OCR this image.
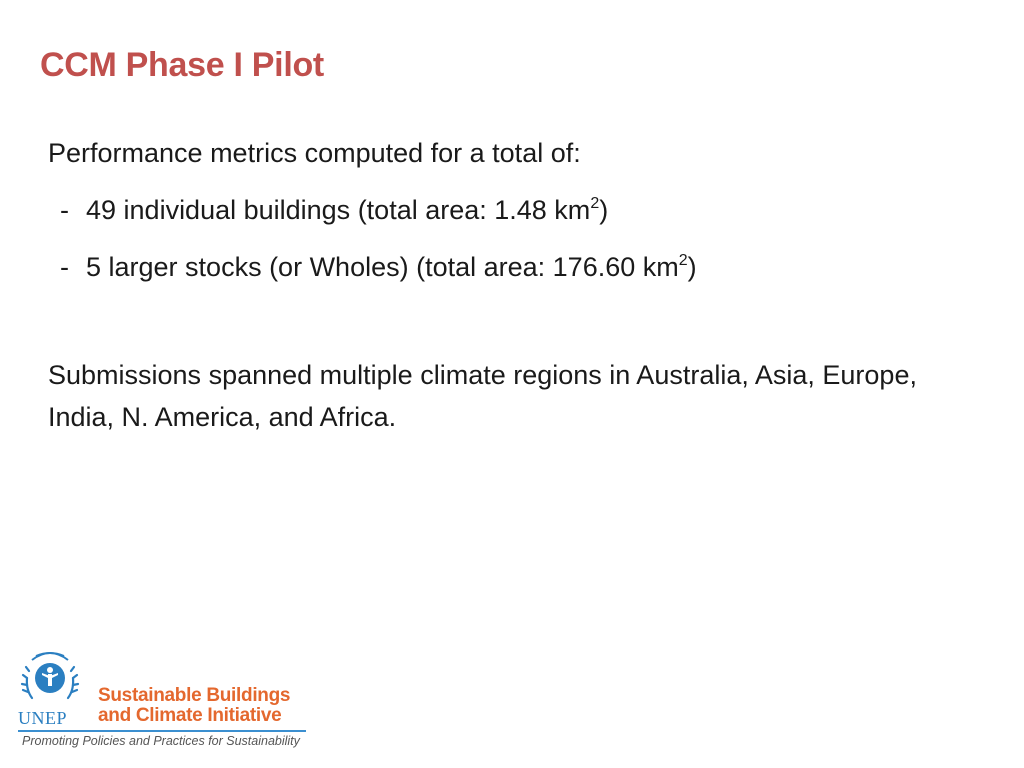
CCM Phase I Pilot

Performance metrics computed for a total of:

- 49 individual buildings (total area: 1.48 $km^2$)
- 5 larger stocks (or Wholes) (total area: 176.60 $km^2$)

Submissions spanned multiple climate regions in Australia, Asia, Europe, India, N. America, and Africa.

UNEP
Sustainable Buildings
and Climate Initiative
Promoting Policies and Practices for Sustainability
